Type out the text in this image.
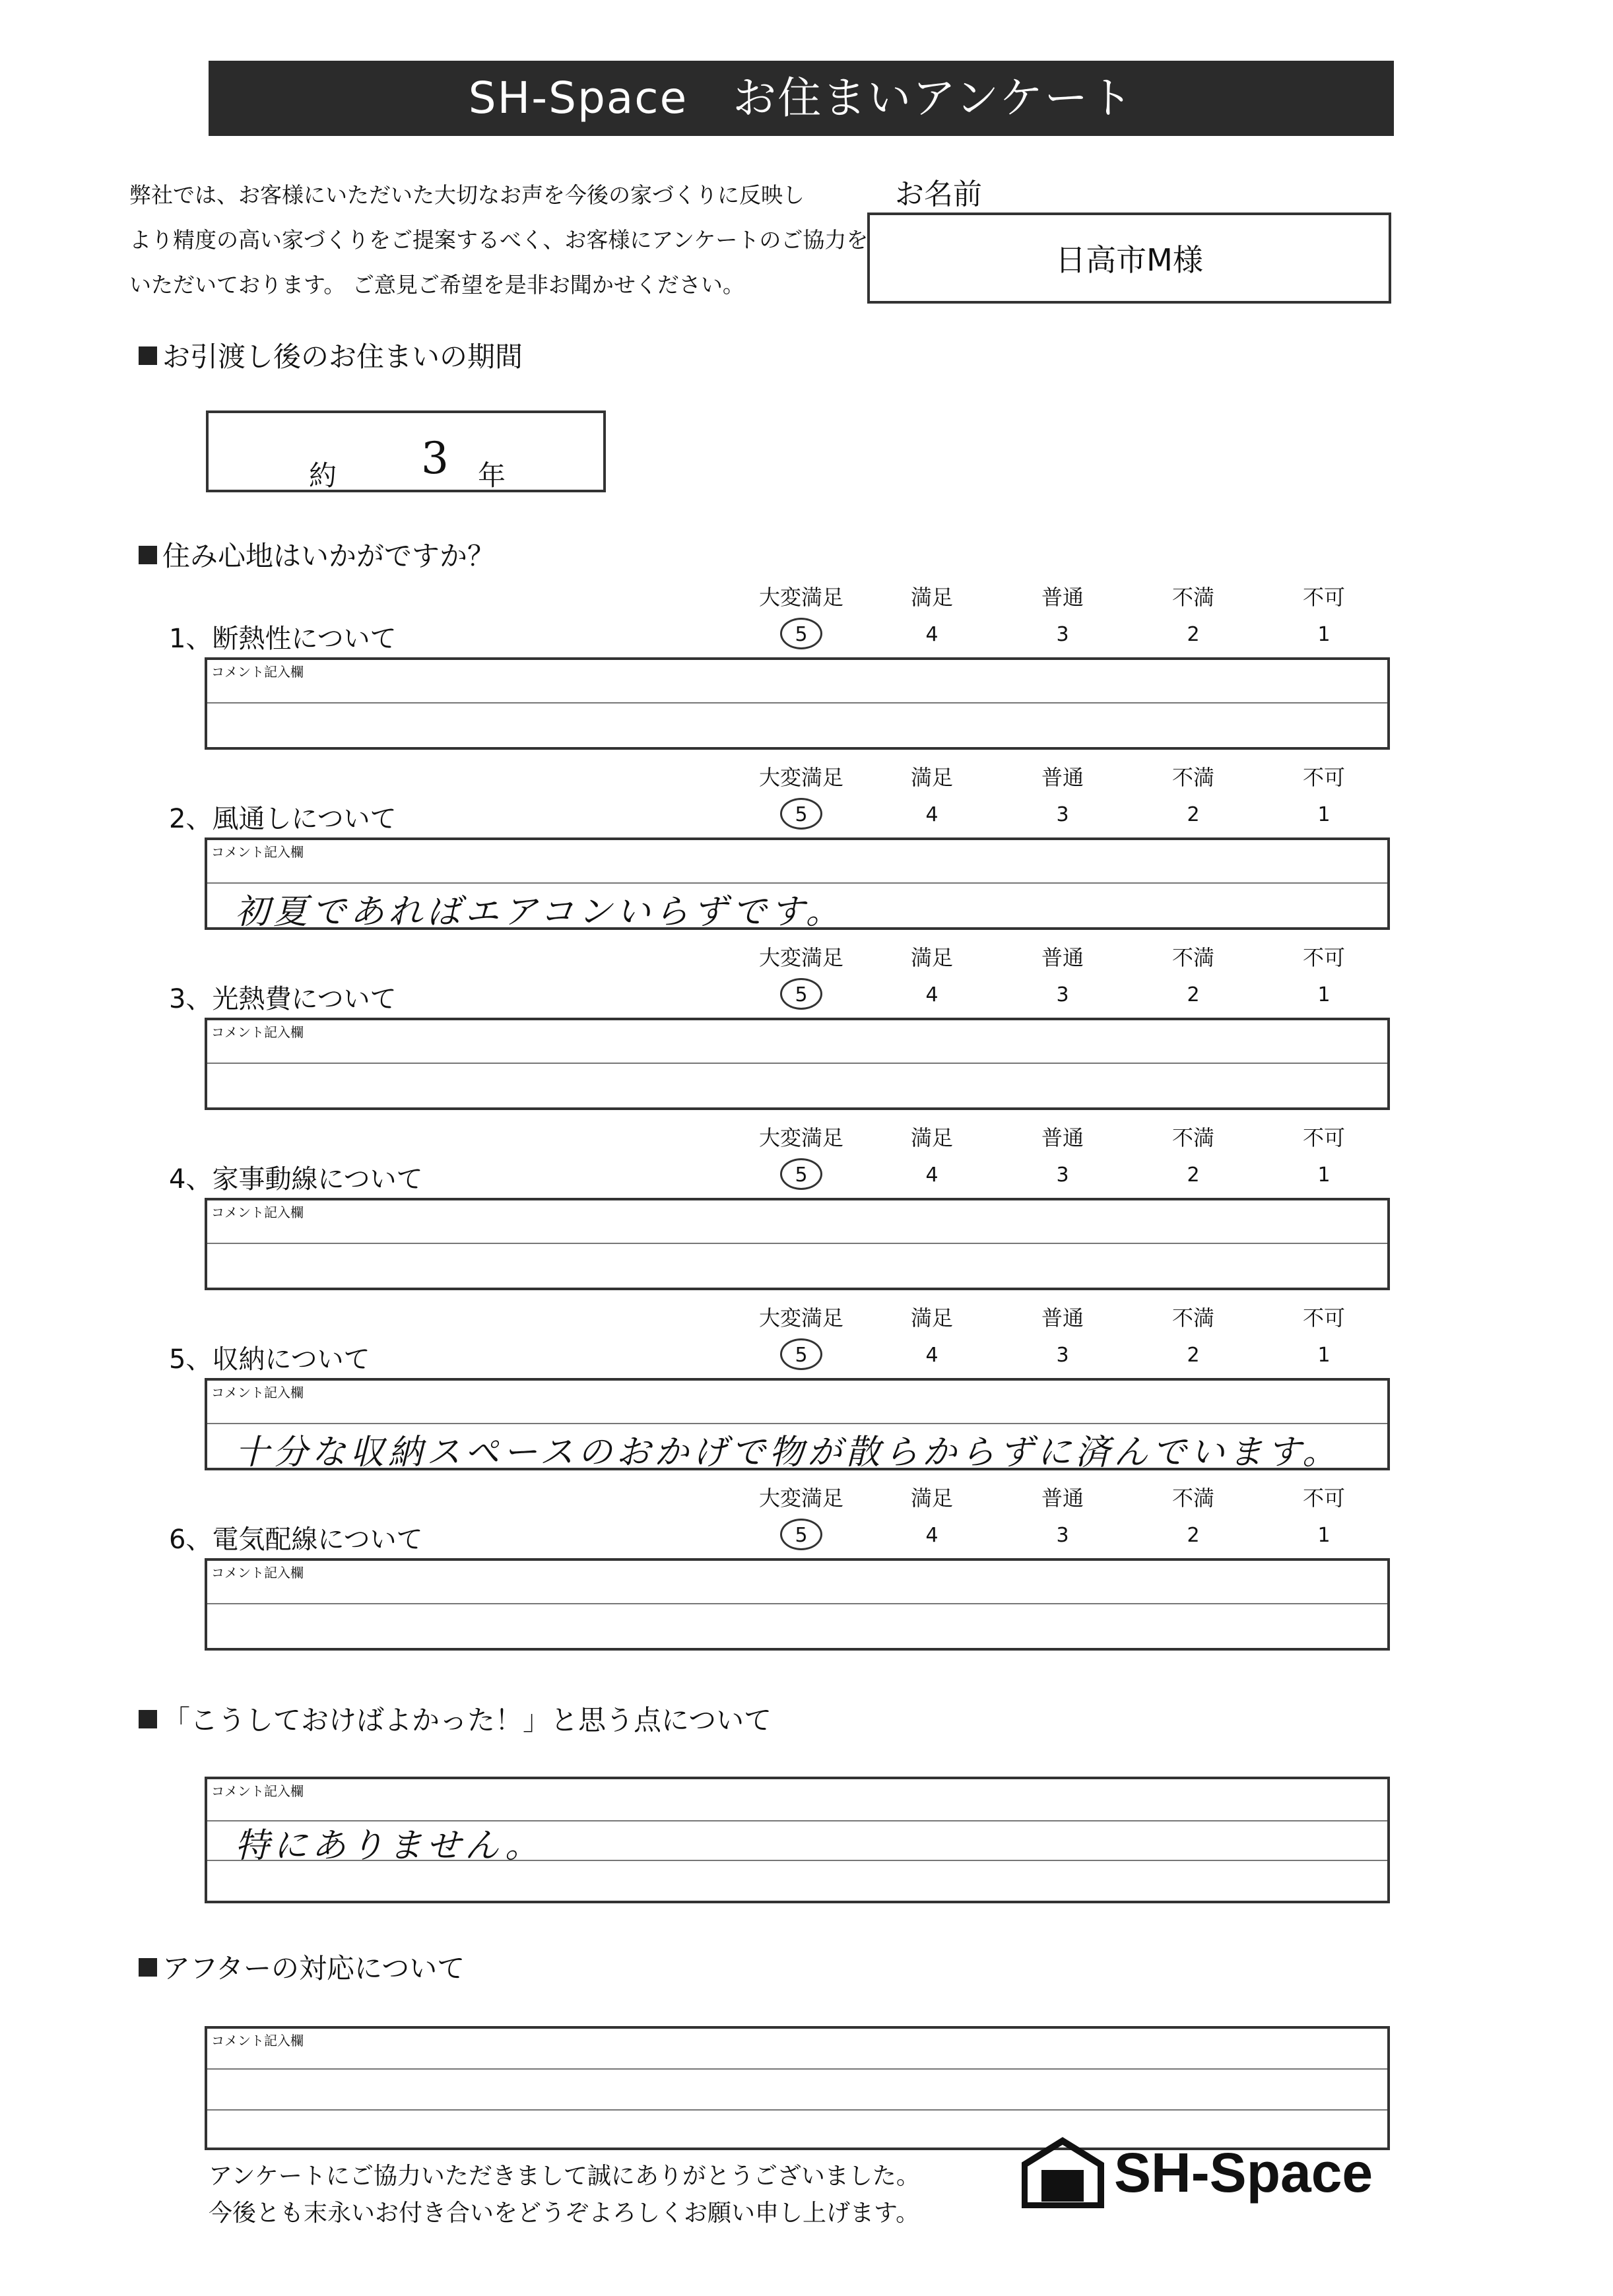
SH-Space　お住まいアンケート
弊社では、お客様にいただいた大切なお声を今後の家づくりに反映し
より精度の高い家づくりをご提案するべく、お客様にアンケートのご協力を
いただいております。 ご意見ご希望を是非お聞かせください。
お名前
日高市M様
お引渡し後のお住まいの期間
約 3 年
住み心地はいかがですか？
1、断熱性について
大変満足
5
満足
4
普通
3
不満
2
不可
1
コメント記入欄
2、風通しについて
大変満足
5
満足
4
普通
3
不満
2
不可
1
コメント記入欄
初夏であればエアコンいらずです。
3、光熱費について
大変満足
5
満足
4
普通
3
不満
2
不可
1
コメント記入欄
4、家事動線について
大変満足
5
満足
4
普通
3
不満
2
不可
1
コメント記入欄
5、収納について
大変満足
5
満足
4
普通
3
不満
2
不可
1
コメント記入欄
十分な収納スペースのおかげで物が散らからずに済んでいます。
6、電気配線について
大変満足
5
満足
4
普通
3
不満
2
不可
1
コメント記入欄
「こうしておけばよかった！」と思う点について
コメント記入欄
特にありません。
アフターの対応について
コメント記入欄
アンケートにご協力いただきまして誠にありがとうございました。
今後とも末永いお付き合いをどうぞよろしくお願い申し上げます。
SH-Space
